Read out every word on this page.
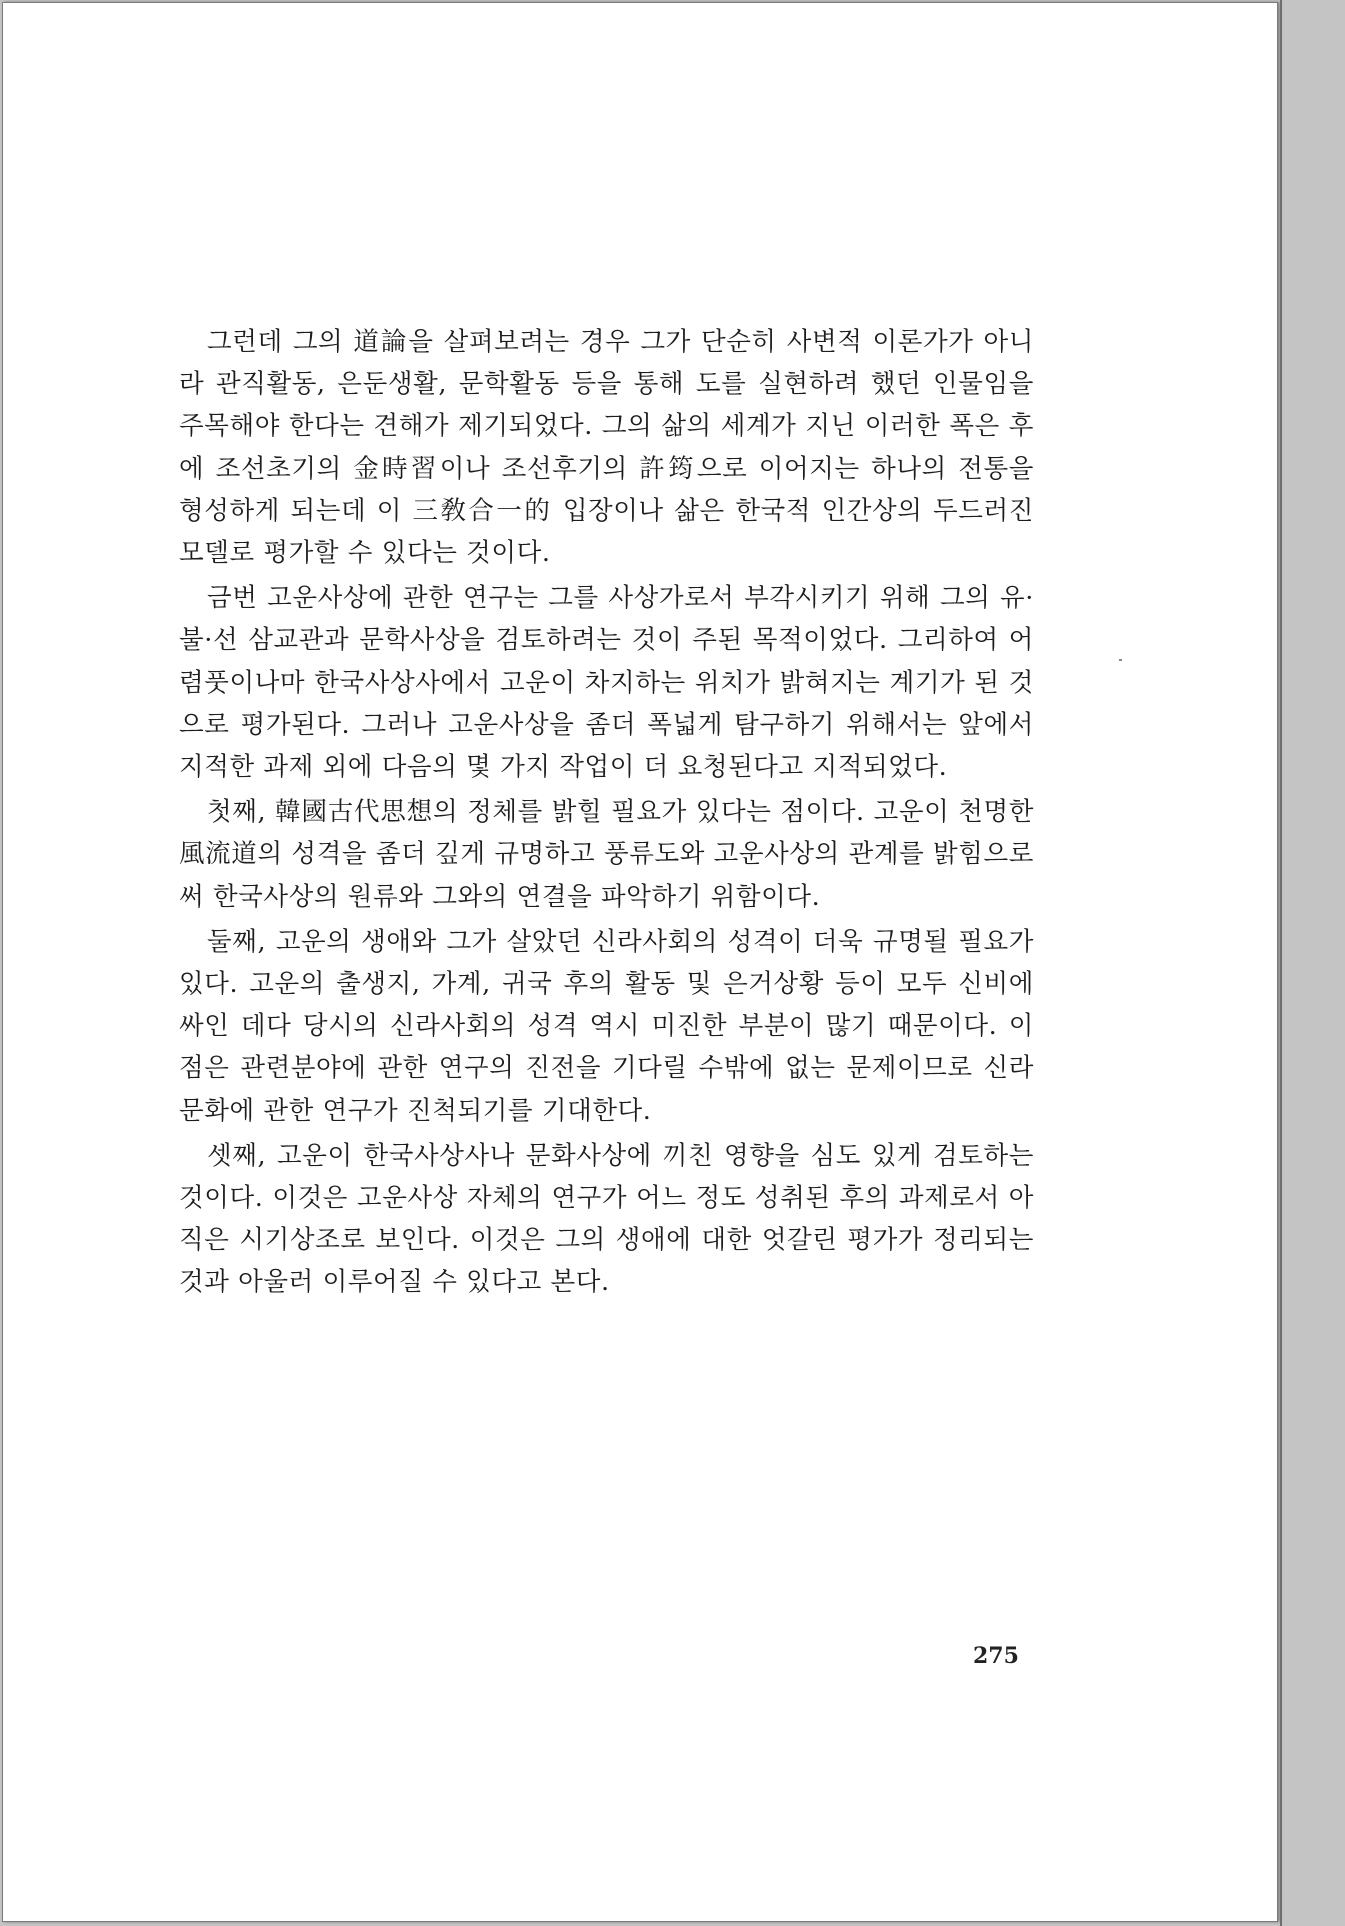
그런데 그의 道論을 살펴보려는 경우 그가 단순히 사변적 이론가가 아니라 관직활동, 은둔생활, 문학활동 등을 통해 도를 실현하려 했던 인물임을 주목해야 한다는 견해가 제기되었다. 그의 삶의 세계가 지닌 이러한 폭은 후에 조선초기의 金時習이나 조선후기의 許筠으로 이어지는 하나의 전통을 형성하게 되는데 이 三敎合一的 입장이나 삶은 한국적 인간상의 두드러진 모델로 평가할 수 있다는 것이다.

금번 고운사상에 관한 연구는 그를 사상가로서 부각시키기 위해 그의 유·불·선 삼교관과 문학사상을 검토하려는 것이 주된 목적이었다. 그리하여 어렴풋이나마 한국사상사에서 고운이 차지하는 위치가 밝혀지는 계기가 된 것으로 평가된다. 그러나 고운사상을 좀더 폭넓게 탐구하기 위해서는 앞에서 지적한 과제 외에 다음의 몇 가지 작업이 더 요청된다고 지적되었다.

첫째, 韓國古代思想의 정체를 밝힐 필요가 있다는 점이다. 고운이 천명한 風流道의 성격을 좀더 깊게 규명하고 풍류도와 고운사상의 관계를 밝힘으로써 한국사상의 원류와 그와의 연결을 파악하기 위함이다.

둘째, 고운의 생애와 그가 살았던 신라사회의 성격이 더욱 규명될 필요가 있다. 고운의 출생지, 가계, 귀국 후의 활동 및 은거상황 등이 모두 신비에 싸인 데다 당시의 신라사회의 성격 역시 미진한 부분이 많기 때문이다. 이 점은 관련분야에 관한 연구의 진전을 기다릴 수밖에 없는 문제이므로 신라문화에 관한 연구가 진척되기를 기대한다.

셋째, 고운이 한국사상사나 문화사상에 끼친 영향을 심도 있게 검토하는 것이다. 이것은 고운사상 자체의 연구가 어느 정도 성취된 후의 과제로서 아직은 시기상조로 보인다. 이것은 그의 생애에 대한 엇갈린 평가가 정리되는 것과 아울러 이루어질 수 있다고 본다.

275
